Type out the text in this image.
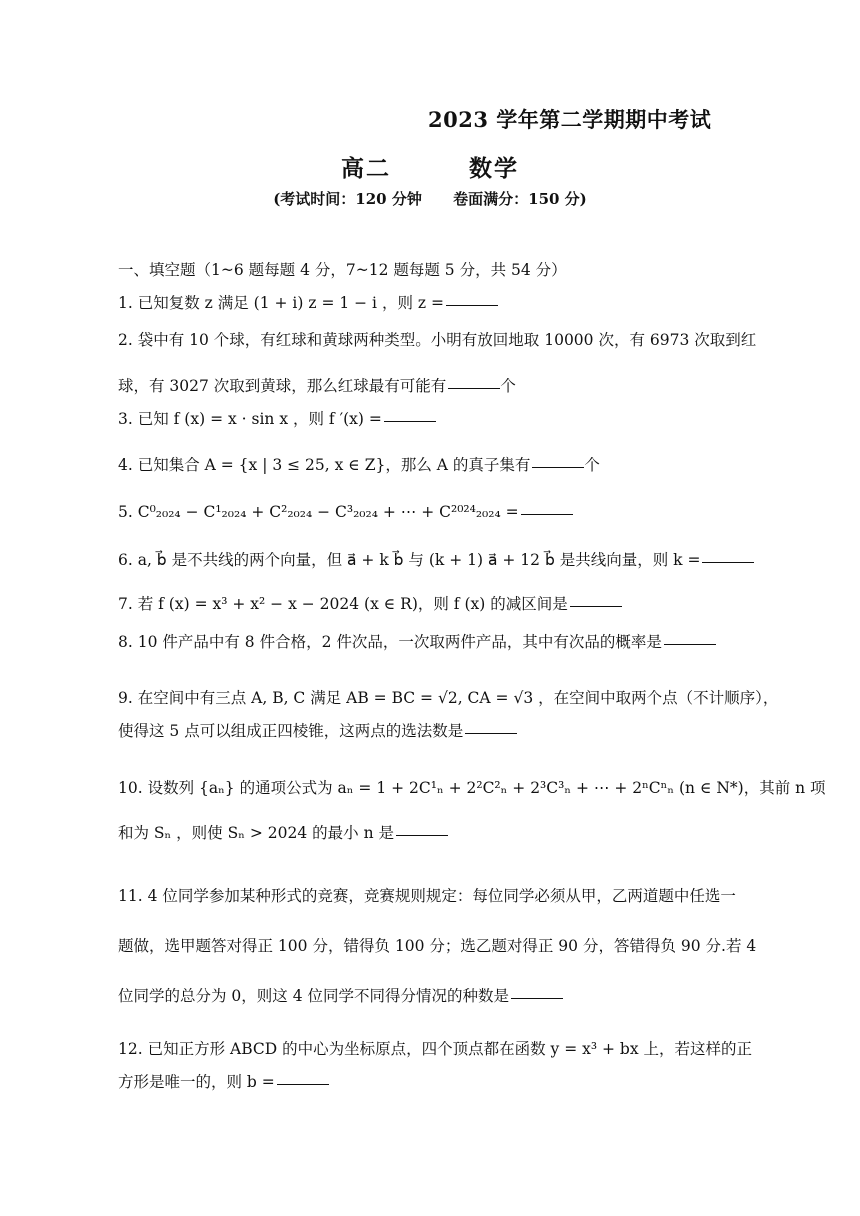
2023 学年第二学期期中考试
高二   数学
(考试时间：120 分钟      卷面满分：150 分)
一、填空题（1~6 题每题 4 分，7~12 题每题 5 分，共 54 分）
1. 已知复数 z 满足 (1 + i) z = 1 − i ，则 z =
2. 袋中有 10 个球，有红球和黄球两种类型。小明有放回地取 10000 次，有 6973 次取到红
球，有 3027 次取到黄球，那么红球最有可能有	个
3. 已知 f (x) = x · sin x ，则 f ′(x) =
4. 已知集合 A = {x | 3 ≤ 25, x ∈ Z}，那么 A 的真子集有	个
5. C⁰₂₀₂₄ − C¹₂₀₂₄ + C²₂₀₂₄ − C³₂₀₂₄ + ⋯ + C²⁰²⁴₂₀₂₄ =
6. a, b⃗ 是不共线的两个向量，但 a⃗ + k b⃗ 与 (k + 1) a⃗ + 12 b⃗ 是共线向量，则 k =
7. 若 f (x) = x³ + x² − x − 2024 (x ∈ R)，则 f (x) 的减区间是
8. 10 件产品中有 8 件合格，2 件次品，一次取两件产品，其中有次品的概率是
9. 在空间中有三点 A, B, C 满足 AB = BC = √2, CA = √3 ，在空间中取两个点（不计顺序），
使得这 5 点可以组成正四棱锥，这两点的选法数是
10. 设数列 {aₙ} 的通项公式为 aₙ = 1 + 2C¹ₙ + 2²C²ₙ + 2³C³ₙ + ⋯ + 2ⁿCⁿₙ (n ∈ N*)，其前 n 项
和为 Sₙ ，则使 Sₙ > 2024 的最小 n 是
11. 4 位同学参加某种形式的竞赛，竞赛规则规定：每位同学必须从甲，乙两道题中任选一
题做，选甲题答对得正 100 分，错得负 100 分；选乙题对得正 90 分，答错得负 90 分.若 4
位同学的总分为 0，则这 4 位同学不同得分情况的种数是
12. 已知正方形 ABCD 的中心为坐标原点，四个顶点都在函数 y = x³ + bx 上，若这样的正
方形是唯一的，则 b =
